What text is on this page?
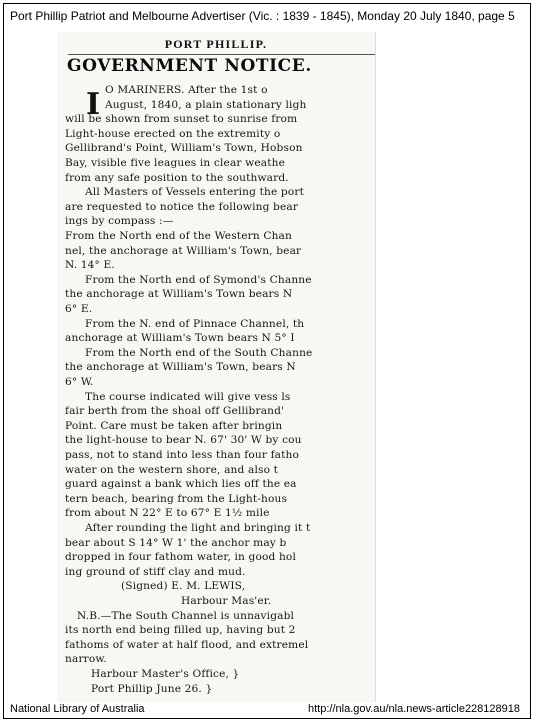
Port Phillip Patriot and Melbourne Advertiser (Vic. : 1839 - 1845), Monday 20 July 1840, page 5
PORT PHILLIP.
GOVERNMENT NOTICE.
I O MARINERS. After the 1st o
August, 1840, a plain stationary ligh
will be shown from sunset to sunrise from
Light-house erected on the extremity o
Gellibrand's Point, William's Town, Hobson
Bay, visible five leagues in clear weathe
from any safe position to the southward.
All Masters of Vessels entering the port
are requested to notice the following bear
ings by compass :—
From the North end of the Western Chan
nel, the anchorage at William's Town, bear
N. 14° E.
From the North end of Symond's Channe
the anchorage at William's Town bears N
6° E.
From the N. end of Pinnace Channel, th
anchorage at William's Town bears N 5° I
From the North end of the South Channe
the anchorage at William's Town, bears N
6° W.
The course indicated will give vess ls
fair berth from the shoal off Gellibrand'
Point. Care must be taken after bringin
the light-house to bear N. 67' 30' W by cou
pass, not to stand into less than four fatho
water on the western shore, and also t
guard against a bank which lies off the ea
tern beach, bearing from the Light-hous
from about N 22° E to 67° E 1½ mile
After rounding the light and bringing it t
bear about S 14° W 1' the anchor may b
dropped in four fathom water, in good hol
ing ground of stiff clay and mud.
(Signed) E. M. LEWIS,
Harbour Mas'er.
N.B.—The South Channel is unnavigabl
its north end being filled up, having but 2
fathoms of water at half flood, and extremel
narrow.
Harbour Master's Office, }
Port Phillip June 26. }
National Library of Australia	http://nla.gov.au/nla.news-article228128918
